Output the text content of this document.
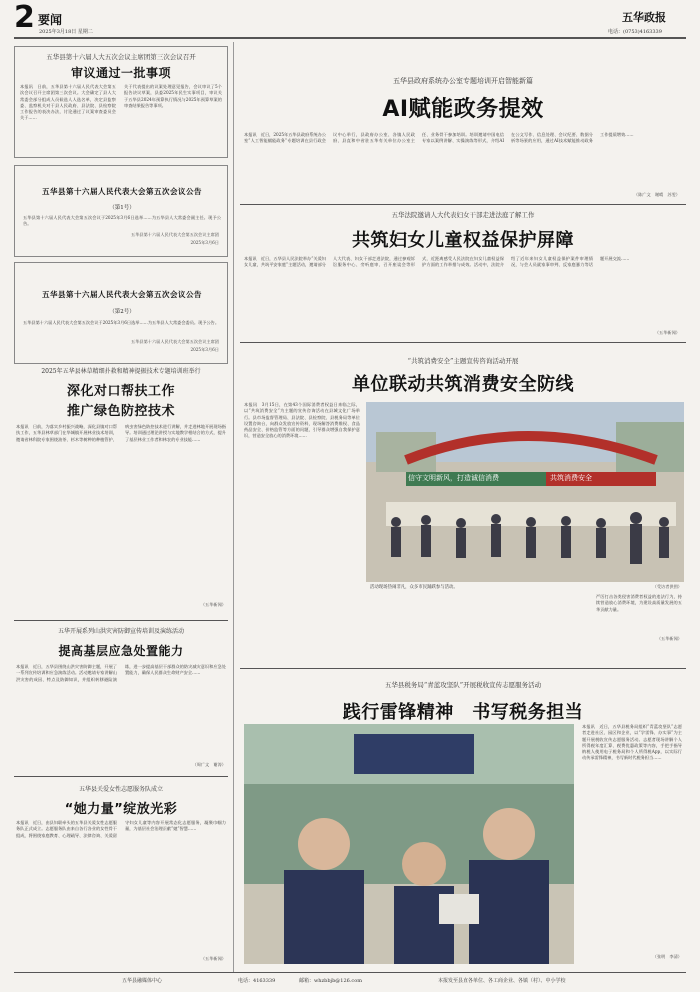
2 要闻
2025年3月18日 星期二
五华政报
电话：(0753)4163339
五华县第十六届人大五次会议主席团第三次会议召开
审议通过一批事项
本报讯　日前，五华县第十六届人民代表大会第五次会议召开主席团第三次会议。大会确定了县人大常委会部分组成人员候选人人选名单，决定县监察委、监察机关对于县人民政府、县法院、县检察院工作报告的表决办法，讨论通过了议案审查委员会关于……
关于代表提出的议案处理意见报告，会议审议了5个报告决议草案，县委2025年民生实事项目，审议关于五华县2024年预算执行情况与2025年预算草案的审查结果报告等事项。
五华县第十六届人民代表大会第五次会议公告
（第1号）
五华县第十六届人民代表大会第五次会议于2025年3月6日选举……为五华县人大常委会副主任。现予公告。
五华县第十六届人民代表大会第五次会议主席团
2025年3月6日
五华县第十六届人民代表大会第五次会议公告
（第2号）
五华县第十六届人民代表大会第五次会议于2025年3月6日选举……为五华县人大常委会委员。现予公告。
五华县第十六届人民代表大会第五次会议主席团
2025年3月6日
2025年五华县林草精细扑救和精神提振技术专题培训班举行
深化对口帮扶工作
推广绿色防控技术
本报讯　日前，为落实乡村振兴战略，深化县镇对口帮扶工作，五华县林草部门在华城镇开展林业技术培训，邀请省林科院专家围绕油茶、杉木等树种的种植管护、病虫害绿色防控技术进行讲解，并走进林地开展现场指导。培训通过理论讲授与实地教学相结合的方式，提升了基层林业工作者和林农的专业技能……
（五华新闻）
五华开展系列山洪灾害防御宣传培训及演练活动
提高基层应急处置能力
本报讯　近日，五华县围绕山洪灾害防御主题，开展了一系列宣传培训和应急演练活动。活动邀请专家讲解山洪灾害的成因、特点及防御知识，并组织转移避险演练，进一步提高基层干部群众的防灾减灾意识和应急处置能力，确保人民群众生命财产安全……
（周广文　谢涛）
五华县关爱女性志愿服务队成立
“她力量”绽放光彩
本报讯　近日，由县妇联牵头的五华县关爱女性志愿服务队正式成立。志愿服务队由来自各行各业的女性骨干组成，将围绕家庭教育、心理疏导、法律咨询、关爱留守妇女儿童等内容开展常态化志愿服务，凝聚巾帼力量，为基层社会治理贡献“她”智慧……
（五华新闻）
五华县政府系统办公室专题培训开启智能新篇
AI赋能政务提效
本报讯　近日，2025年五华县政府系统办公室“人工智能赋能政务”专题培训在县行政会议中心举行，县政府办公室、各镇人民政府、县直和中省驻五华有关单位办公室主任、业务骨干参加培训。培训邀请中国电信专家以案例讲解、实操演练等形式，介绍AI在公文写作、信息处理、会议纪要、数据分析等场景的应用，通过AI技术赋能推动政务工作提质增效……
（陈广文　谢晴　苏雯）
五华法院邀请人大代表妇女干部走进法庭了解工作
共筑妇女儿童权益保护屏障
本报讯　近日，五华县人民法院举办“关爱妇女儿童，共筑平安家庭”主题活动，邀请部分人大代表、妇女干部走进法院，通过参观诉讼服务中心、旁听庭审、召开座谈会等形式，近距离感受人民法院在妇女儿童权益保护方面的工作举措与成效。活动中，法院介绍了近年来妇女儿童权益保护案件审理情况，与会人员就家事审判、反家庭暴力等话题开展交流……
（五华新闻）
“共筑消费安全”主题宣传咨询活动开展
单位联动共筑消费安全防线
本报讯　3月15日，在第43个国际消费者权益日来临之际，以“共筑消费安全”为主题的宣传咨询活动在县城文化广场举行。县市场监督管理局、县法院、县检察院、县税务局等单位设置咨询台，向群众发放宣传资料，现场解答消费维权、食品药品安全、价格监管等方面的问题，引导群众增强自我保护意识，营造安全放心的消费环境……
信守文明新风，打造诚信消费	共筑消费安全
活动现场热闹非凡，众多市民踊跃参与活动。	（受访者供图）
严厉打击各类侵害消费者权益的违法行为，持续营造放心消费环境，为建设高质量发展的五华贡献力量。
（五华新闻）
五华县税务局“青蓝攻坚队”开展税收宣传志愿服务活动
践行雷锋精神　书写税务担当
本报讯　近日，五华县税务局组织“青蓝攻坚队”志愿者走进社区、园区和企业，以“学雷锋、办实事”为主题开展税收宣传志愿服务活动。志愿者现场讲解个人所得税年度汇算、税费优惠政策等内容，手把手指导纳税人使用电子税务局和个人所得税App，以实际行动传承雷锋精神，书写新时代税务担当……
（张明　李清）
五华县融媒体中心	电话：4163339	邮箱：whzbbjb@126.com	本报发至县直各单位、各工商企业、各镇（村）、中小学校
